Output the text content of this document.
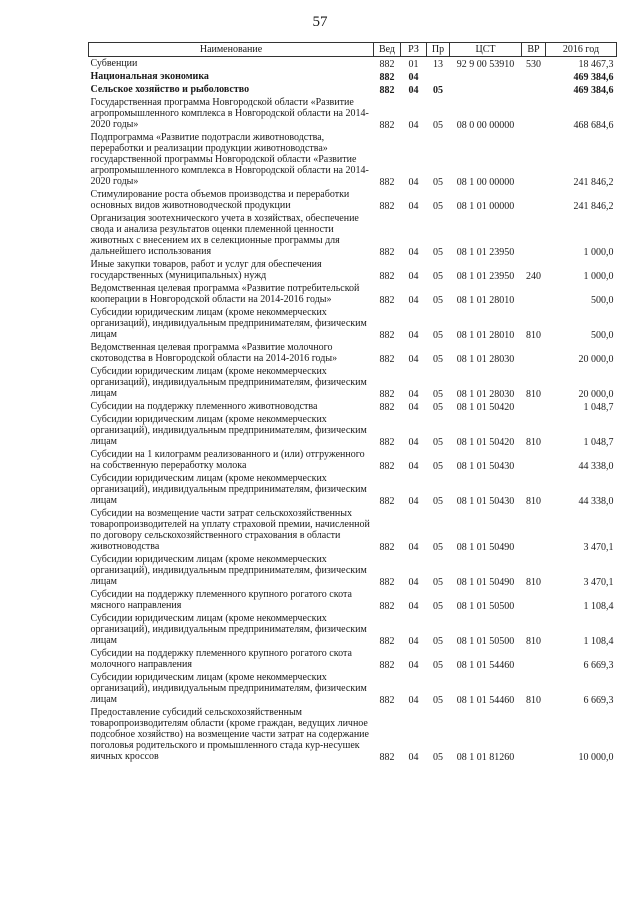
57
Наименование	Вед	РЗ	Пр	ЦСТ	ВР	2016 год
Субвенции	882	01	13	92 9 00 53910	530	18 467,3
Национальная экономика	882	04				469 384,6
Сельское хозяйство и рыболовство	882	04	05			469 384,6
Государственная программа Новгородской области «Развитие агропромышленного комплекса в Новгородской области на 2014-2020 годы»	882	04	05	08 0 00 00000		468 684,6
Подпрограмма «Развитие подотрасли животноводства, переработки и реализации продукции животноводства» государственной программы Новгородской области «Развитие агропромышленного комплекса в Новгородской области на 2014-2020 годы»	882	04	05	08 1 00 00000		241 846,2
Стимулирование роста объемов производства и переработки основных видов животноводческой продукции	882	04	05	08 1 01 00000		241 846,2
Организация зоотехнического учета в хозяйствах, обеспечение свода и анализа результатов оценки племенной ценности животных с внесением их в селекционные программы для дальнейшего использования	882	04	05	08 1 01 23950		1 000,0
Иные закупки товаров, работ и услуг для обеспечения государственных (муниципальных) нужд	882	04	05	08 1 01 23950	240	1 000,0
Ведомственная целевая программа «Развитие потребительской кооперации в Новгородской области на 2014-2016 годы»	882	04	05	08 1 01 28010		500,0
Субсидии юридическим лицам (кроме некоммерческих организаций), индивидуальным предпринимателям, физическим лицам	882	04	05	08 1 01 28010	810	500,0
Ведомственная целевая программа «Развитие молочного скотоводства в Новгородской области на 2014-2016 годы»	882	04	05	08 1 01 28030		20 000,0
Субсидии юридическим лицам (кроме некоммерческих организаций), индивидуальным предпринимателям, физическим лицам	882	04	05	08 1 01 28030	810	20 000,0
Субсидии на поддержку племенного животноводства	882	04	05	08 1 01 50420		1 048,7
Субсидии юридическим лицам (кроме некоммерческих организаций), индивидуальным предпринимателям, физическим лицам	882	04	05	08 1 01 50420	810	1 048,7
Субсидии на 1 килограмм реализованного и (или) отгруженного на собственную переработку молока	882	04	05	08 1 01 50430		44 338,0
Субсидии юридическим лицам (кроме некоммерческих организаций), индивидуальным предпринимателям, физическим лицам	882	04	05	08 1 01 50430	810	44 338,0
Субсидии на возмещение части затрат сельскохозяйственных товаропроизводителей на уплату страховой премии, начисленной по договору сельскохозяйственного страхования в области животноводства	882	04	05	08 1 01 50490		3 470,1
Субсидии юридическим лицам (кроме некоммерческих организаций), индивидуальным предпринимателям, физическим лицам	882	04	05	08 1 01 50490	810	3 470,1
Субсидии на поддержку племенного крупного рогатого скота мясного направления	882	04	05	08 1 01 50500		1 108,4
Субсидии юридическим лицам (кроме некоммерческих организаций), индивидуальным предпринимателям, физическим лицам	882	04	05	08 1 01 50500	810	1 108,4
Субсидии на поддержку племенного крупного рогатого скота молочного направления	882	04	05	08 1 01 54460		6 669,3
Субсидии юридическим лицам (кроме некоммерческих организаций), индивидуальным предпринимателям, физическим лицам	882	04	05	08 1 01 54460	810	6 669,3
Предоставление субсидий сельскохозяйственным товаропроизводителям области (кроме граждан, ведущих личное подсобное хозяйство) на возмещение части затрат на содержание поголовья родительского и промышленного стада кур-несушек яичных кроссов	882	04	05	08 1 01 81260		10 000,0
